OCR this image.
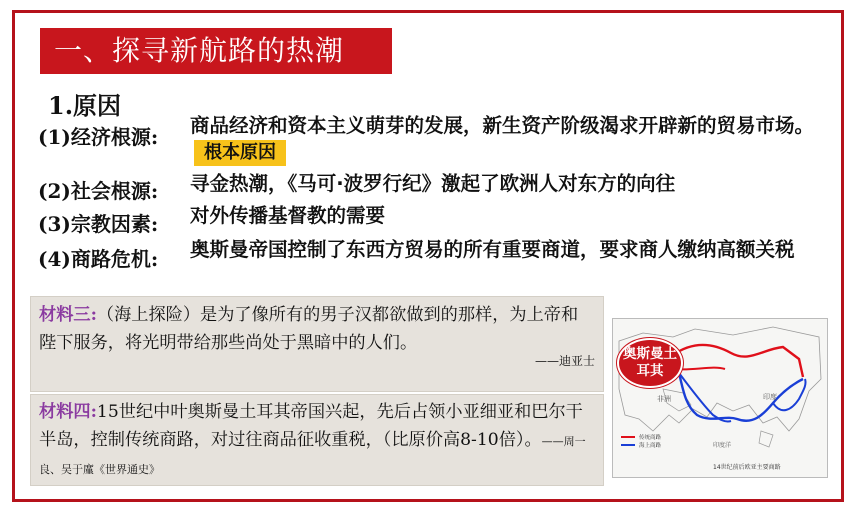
一、探寻新航路的热潮
1.原因
(1)经济根源: 商品经济和资本主义萌芽的发展，新生资产阶级渴求开辟新的贸易市场。根本原因
(2)社会根源: 寻金热潮，《马可·波罗行纪》激起了欧洲人对东方的向往
(3)宗教因素: 对外传播基督教的需要
(4)商路危机: 奥斯曼帝国控制了东西方贸易的所有重要商道，要求商人缴纳高额关税
材料三:（海上探险）是为了像所有的男子汉都欲做到的那样，为上帝和陛下服务，将光明带给那些尚处于黑暗中的人们。
——迪亚士
材料四:15世纪中叶奥斯曼土耳其帝国兴起，先后占领小亚细亚和巴尔干半岛，控制传统商路，对过往商品征收重税，（比原价高8-10倍）。——周一良、吴于廑《世界通史》
非洲	印度
印度洋
传统商路
海上商路
14世纪前后欧亚主要商路
奥斯曼土耳其
